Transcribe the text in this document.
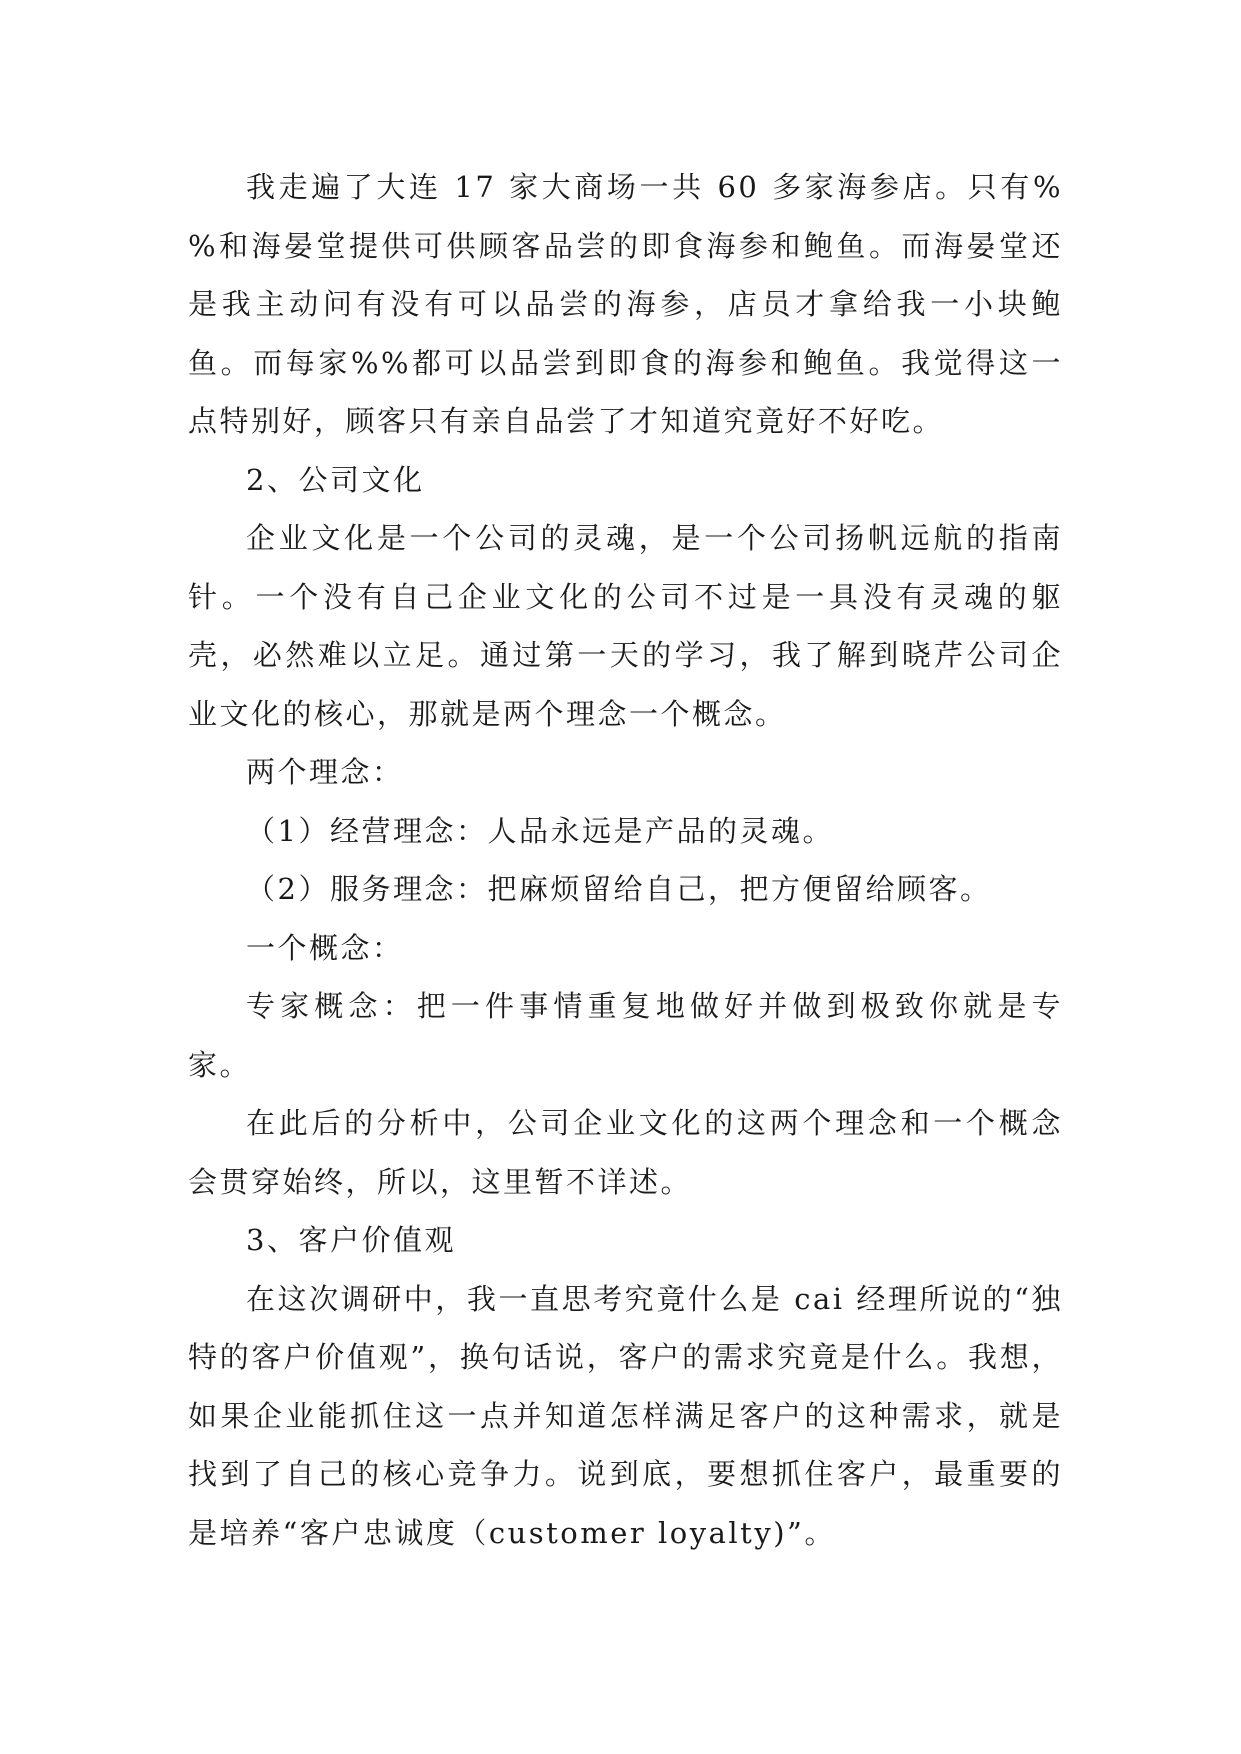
我走遍了大连 17 家大商场一共 60 多家海参店。只有%%和海晏堂提供可供顾客品尝的即食海参和鲍鱼。而海晏堂还是我主动问有没有可以品尝的海参，店员才拿给我一小块鲍鱼。而每家%%都可以品尝到即食的海参和鲍鱼。我觉得这一点特别好，顾客只有亲自品尝了才知道究竟好不好吃。

2、公司文化

企业文化是一个公司的灵魂，是一个公司扬帆远航的指南针。一个没有自己企业文化的公司不过是一具没有灵魂的躯壳，必然难以立足。通过第一天的学习，我了解到晓芹公司企业文化的核心，那就是两个理念一个概念。

两个理念：

（1）经营理念：人品永远是产品的灵魂。

（2）服务理念：把麻烦留给自己，把方便留给顾客。

一个概念：

专家概念：把一件事情重复地做好并做到极致你就是专家。

在此后的分析中，公司企业文化的这两个理念和一个概念会贯穿始终，所以，这里暂不详述。

3、客户价值观

在这次调研中，我一直思考究竟什么是 cai 经理所说的“独特的客户价值观”，换句话说，客户的需求究竟是什么。我想，如果企业能抓住这一点并知道怎样满足客户的这种需求，就是找到了自己的核心竞争力。说到底，要想抓住客户，最重要的是培养“客户忠诚度（customer loyalty)”。
